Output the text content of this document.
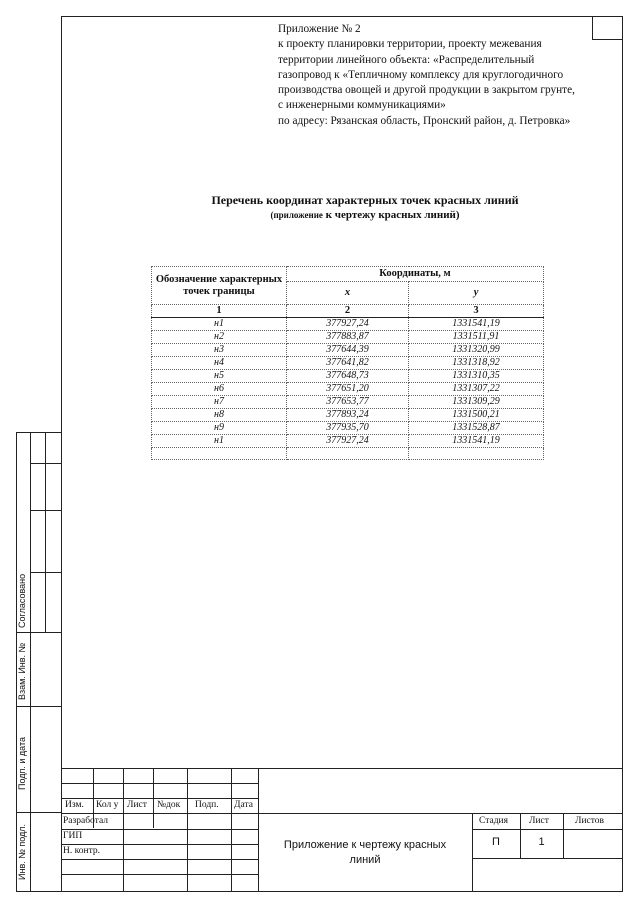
Приложение № 2
к проекту планировки территории, проекту межевания
территории линейного объекта: «Распределительный
газопровод к «Тепличному комплексу для круглогодичного
производства овощей и другой продукции в закрытом грунте,
с инженерными коммуникациями»
по адресу: Рязанская область, Пронский район, д. Петровка»
Перечень координат характерных точек красных линий
(приложение к чертежу красных линий)
Обозначение характерных точек границы	Координаты, м	
	x	y
1	2	3
н1	377927,24	1331541,19
н2	377883,87	1331511,91
н3	377644,39	1331320,99
н4	377641,82	1331318,92
н5	377648,73	1331310,35
н6	377651,20	1331307,22
н7	377653,77	1331309,29
н8	377893,24	1331500,21
н9	377935,70	1331528,87
н1	377927,24	1331541,19

Согласовано
Взам. Инв. №
Подп. и дата
Инв. № подл.
Изм. Кол у Лист №док Подп. Дата
Разработал
ГИП
Н. контр.	Приложение к чертежу красных линий
Стадия Лист	Листов
П	1
